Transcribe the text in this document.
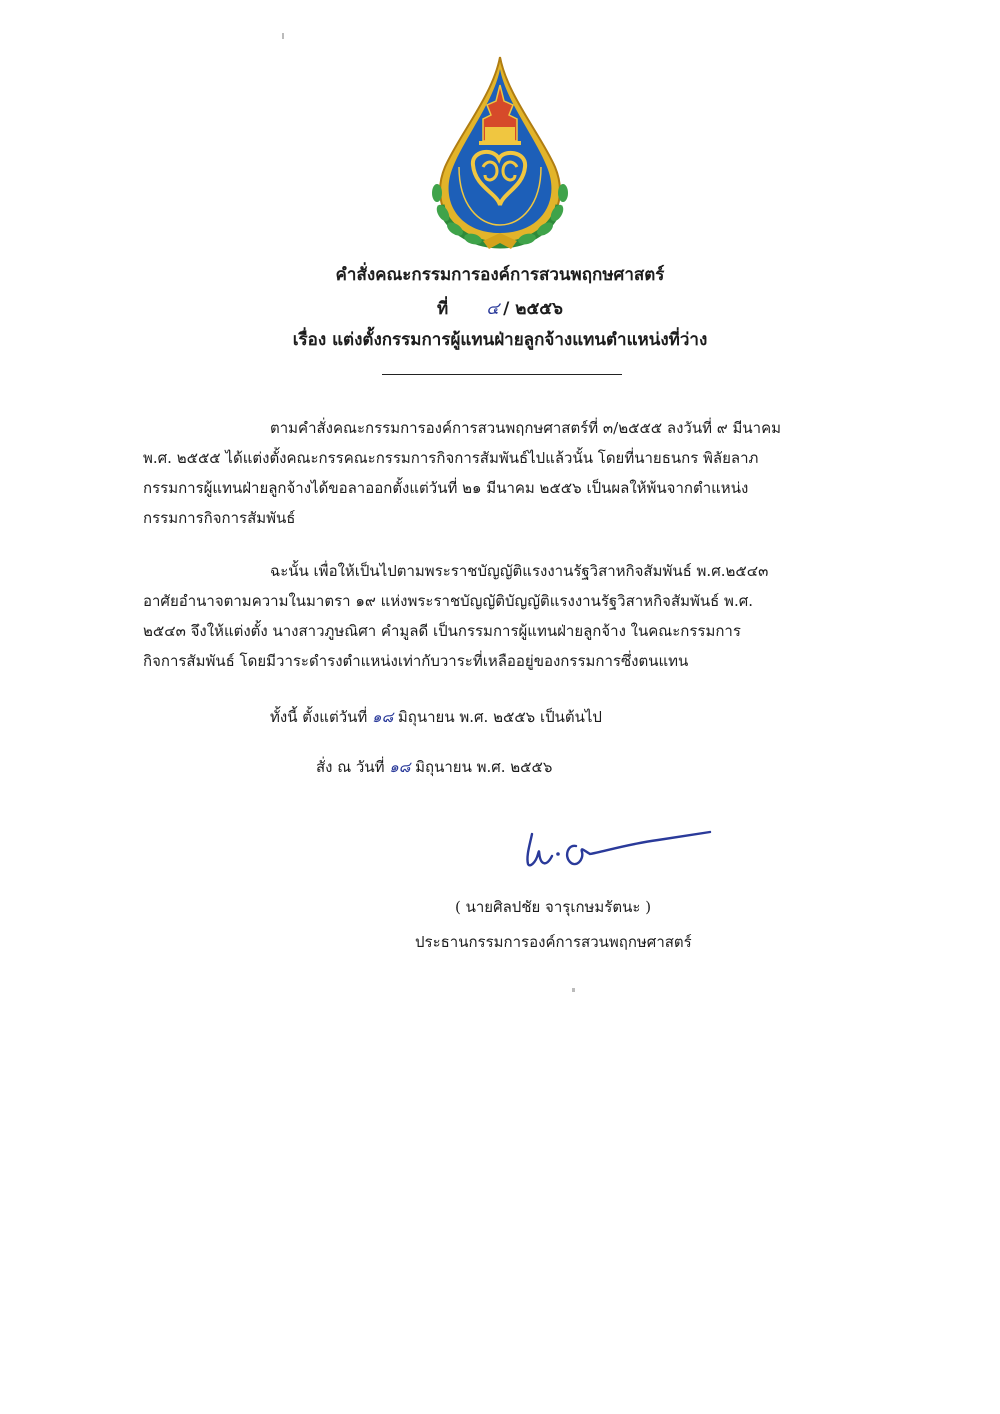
คำสั่งคณะกรรมการองค์การสวนพฤกษศาสตร์
ที่ ๔ / ๒๕๕๖
เรื่อง แต่งตั้งกรรมการผู้แทนฝ่ายลูกจ้างแทนตำแหน่งที่ว่าง
ตามคำสั่งคณะกรรมการองค์การสวนพฤกษศาสตร์ที่ ๓/๒๕๕๕ ลงวันที่ ๙ มีนาคม
พ.ศ. ๒๕๕๕ ได้แต่งตั้งคณะกรรคณะกรรมการกิจการสัมพันธ์ไปแล้วนั้น โดยที่นายธนกร พิลัยลาภ
กรรมการผู้แทนฝ่ายลูกจ้างได้ขอลาออกตั้งแต่วันที่ ๒๑ มีนาคม ๒๕๕๖ เป็นผลให้พ้นจากตำแหน่ง
กรรมการกิจการสัมพันธ์
ฉะนั้น เพื่อให้เป็นไปตามพระราชบัญญัติแรงงานรัฐวิสาหกิจสัมพันธ์ พ.ศ.๒๕๔๓
อาศัยอำนาจตามความในมาตรา ๑๙ แห่งพระราชบัญญัติบัญญัติแรงงานรัฐวิสาหกิจสัมพันธ์ พ.ศ.
๒๕๔๓ จึงให้แต่งตั้ง นางสาวภูษณิศา คำมูลดี เป็นกรรมการผู้แทนฝ่ายลูกจ้าง ในคณะกรรมการ
กิจการสัมพันธ์ โดยมีวาระดำรงตำแหน่งเท่ากับวาระที่เหลืออยู่ของกรรมการซึ่งตนแทน
ทั้งนี้ ตั้งแต่วันที่ ๑๘ มิถุนายน พ.ศ. ๒๕๕๖ เป็นต้นไป
สั่ง ณ วันที่ ๑๘ มิถุนายน พ.ศ. ๒๕๕๖
( นายศิลปชัย จารุเกษมรัตนะ )
ประธานกรรมการองค์การสวนพฤกษศาสตร์
